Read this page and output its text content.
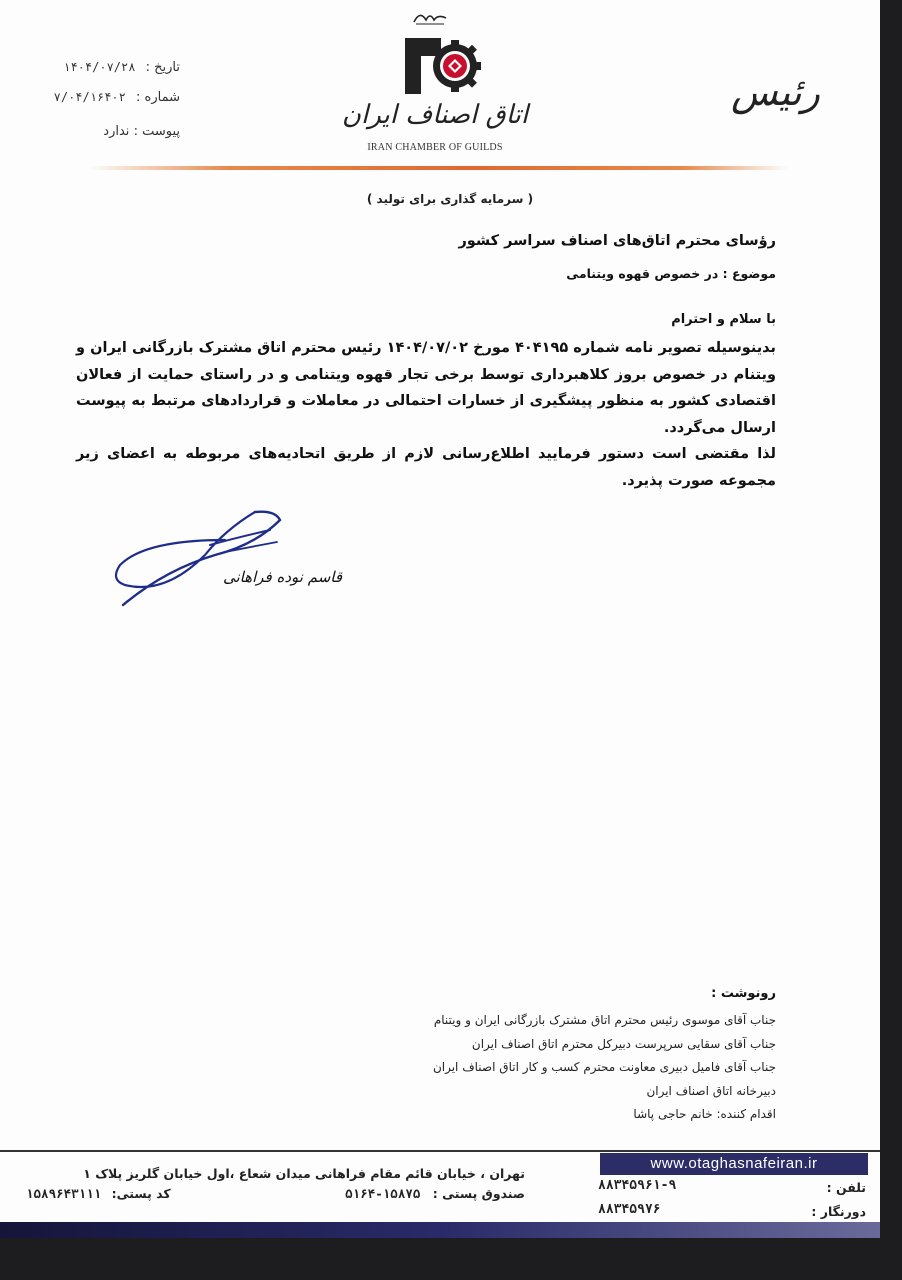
اتاق اصناف ایران
IRAN CHAMBER OF GUILDS
رئیس
تاریخ : ۱۴۰۴/۰۷/۲۸
شماره : ۷/۰۴/۱۶۴۰۲
پیوست : ندارد
( سرمایه گذاری برای تولید )
رؤسای محترم اتاق‌های اصناف سراسر کشور
موضوع : در خصوص قهوه ویتنامی
با سلام و احترام
بدینوسیله تصویر نامه شماره ۴۰۴۱۹۵ مورخ ۱۴۰۴/۰۷/۰۲ رئیس محترم اتاق مشترک بازرگانی ایران و ویتنام در خصوص بروز کلاهبرداری توسط برخی تجار قهوه ویتنامی و در راستای حمایت از فعالان اقتصادی کشور به منظور پیشگیری از خسارات احتمالی در معاملات و قراردادهای مرتبط به پیوست ارسال می‌گردد.
لذا مقتضی است دستور فرمایید اطلاع‌رسانی لازم از طریق اتحادیه‌های مربوطه به اعضای زیر مجموعه صورت پذیرد.
قاسم نوده فراهانی
رونوشت :
جناب آقای موسوی رئیس محترم اتاق مشترک بازرگانی ایران و ویتنام
جناب آقای سقایی سرپرست دبیرکل محترم اتاق اصناف ایران
جناب آقای فامیل دبیری معاونت محترم کسب و کار اتاق اصناف ایران
دبیرخانه اتاق اصناف ایران
اقدام کننده: خانم حاجی پاشا
تهران ، خیابان قائم مقام فراهانی میدان شعاع ،اول خیابان گلریز پلاک ۱
صندوق پستی : ۱۵۸۷۵-۵۱۶۴
کد پستی: ۱۵۸۹۶۴۳۱۱۱
www.otaghasnafeiran.ir
تلفن :
۸۸۳۴۵۹۶۱-۹
دورنگار :
۸۸۳۴۵۹۷۶
